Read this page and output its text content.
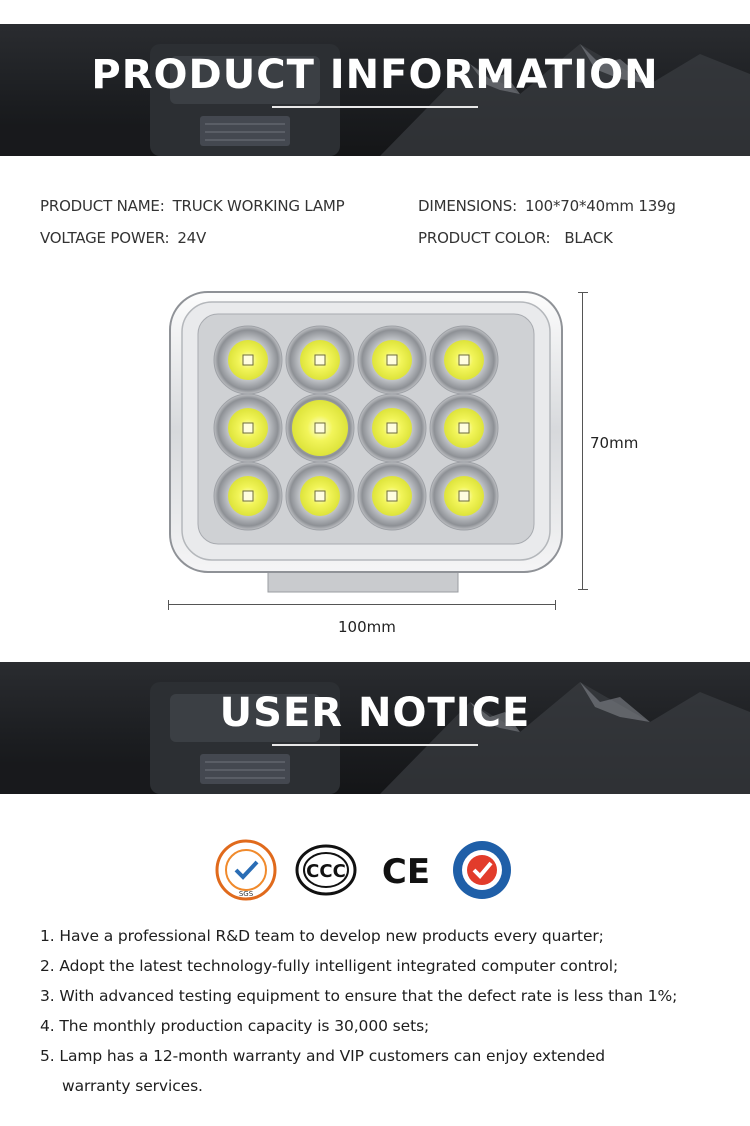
PRODUCT INFORMATION
PRODUCT NAME: TRUCK WORKING LAMP	DIMENSIONS: 100*70*40mm 139g
VOLTAGE POWER: 24V	PRODUCT COLOR: BLACK
70mm
100mm
USER NOTICE
SGS
CCC CE
1. Have a professional R&D team to develop new products every quarter;
2. Adopt the latest technology-fully intelligent integrated computer control;
3. With advanced testing equipment to ensure that the defect rate is less than 1%;
4. The monthly production capacity is 30,000 sets;
5. Lamp has a 12-month warranty and VIP customers can enjoy extended
warranty services.
